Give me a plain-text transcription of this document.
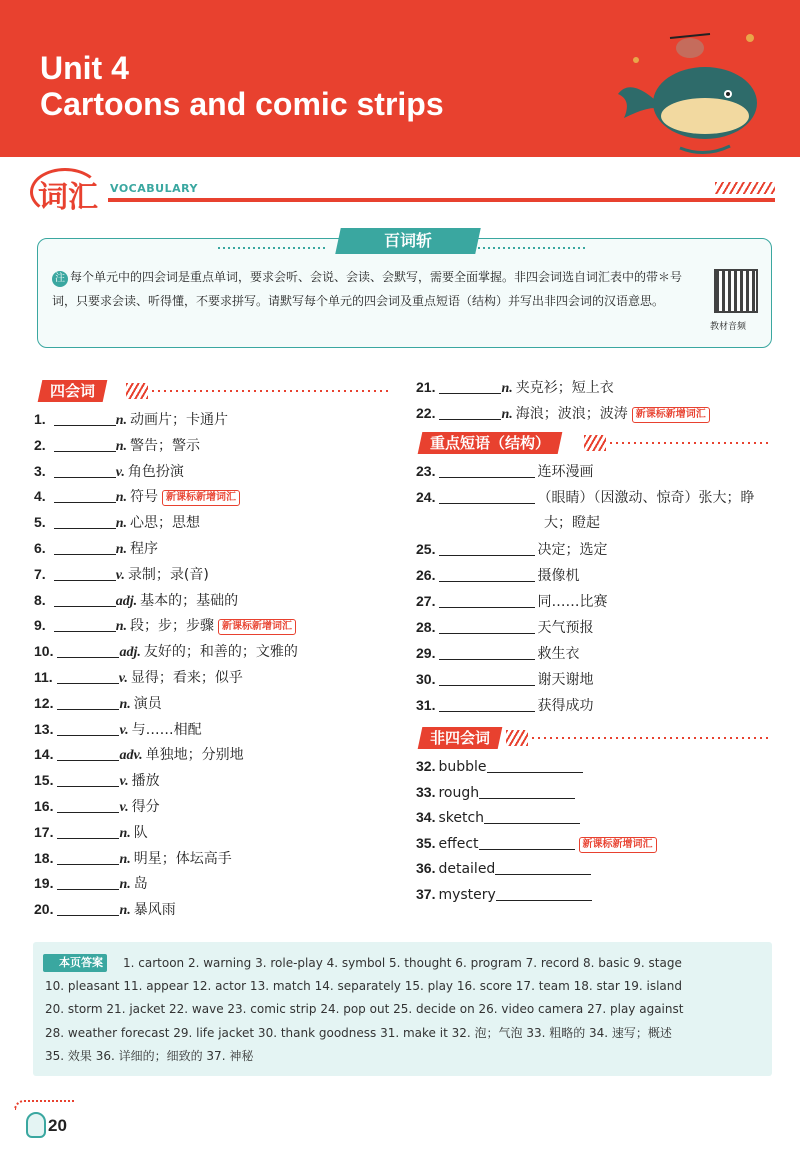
Unit 4
Cartoons and comic strips
词汇 VOCABULARY
注 每个单元中的四会词是重点单词，要求会听、会说、会读、会默写，需要全面掌握。非四会词选自词汇表中的带＊号词，只要求会读、听得懂，不要求拼写。请默写每个单元的四会词及重点短语（结构）并写出非四会词的汉语意思。
教材音频
百词斩
四会词
1.	n. 动画片；卡通片
2.	n. 警告；警示
3.	v. 角色扮演
4.	n. 符号 新课标新增词汇
5.	n. 心思；思想
6.	n. 程序
7.	v. 录制；录(音)
8.	adj. 基本的；基础的
9.	n. 段；步；步骤 新课标新增词汇
10.	adj. 友好的；和善的；文雅的
11.	v. 显得；看来；似乎
12.	n. 演员
13.	v. 与……相配
14.	adv. 单独地；分别地
15.	v. 播放
16.	v. 得分
17.	n. 队
18.	n. 明星；体坛高手
19.	n. 岛
20.	n. 暴风雨
21.	n. 夹克衫；短上衣
22.	n. 海浪；波浪；波涛 新课标新增词汇
重点短语（结构）
23.	连环漫画
24.	（眼睛）（因激动、惊奇）张大；睁
大；瞪起
25.	决定；选定
26.	摄像机
27.	同……比赛
28.	天气预报
29.	救生衣
30.	谢天谢地
31.	获得成功
非四会词
32. bubble
33. rough
34. sketch
35. effect	新课标新增词汇
36. detailed
37. mystery
本页答案	1. cartoon 2. warning 3. role-play 4. symbol 5. thought 6. program 7. record 8. basic 9. stage
10. pleasant 11. appear 12. actor 13. match 14. separately 15. play 16. score 17. team 18. star 19. island
20. storm 21. jacket 22. wave 23. comic strip 24. pop out 25. decide on 26. video camera 27. play against
28. weather forecast 29. life jacket 30. thank goodness 31. make it 32. 泡；气泡 33. 粗略的 34. 速写；概述
35. 效果 36. 详细的；细致的 37. 神秘
20
